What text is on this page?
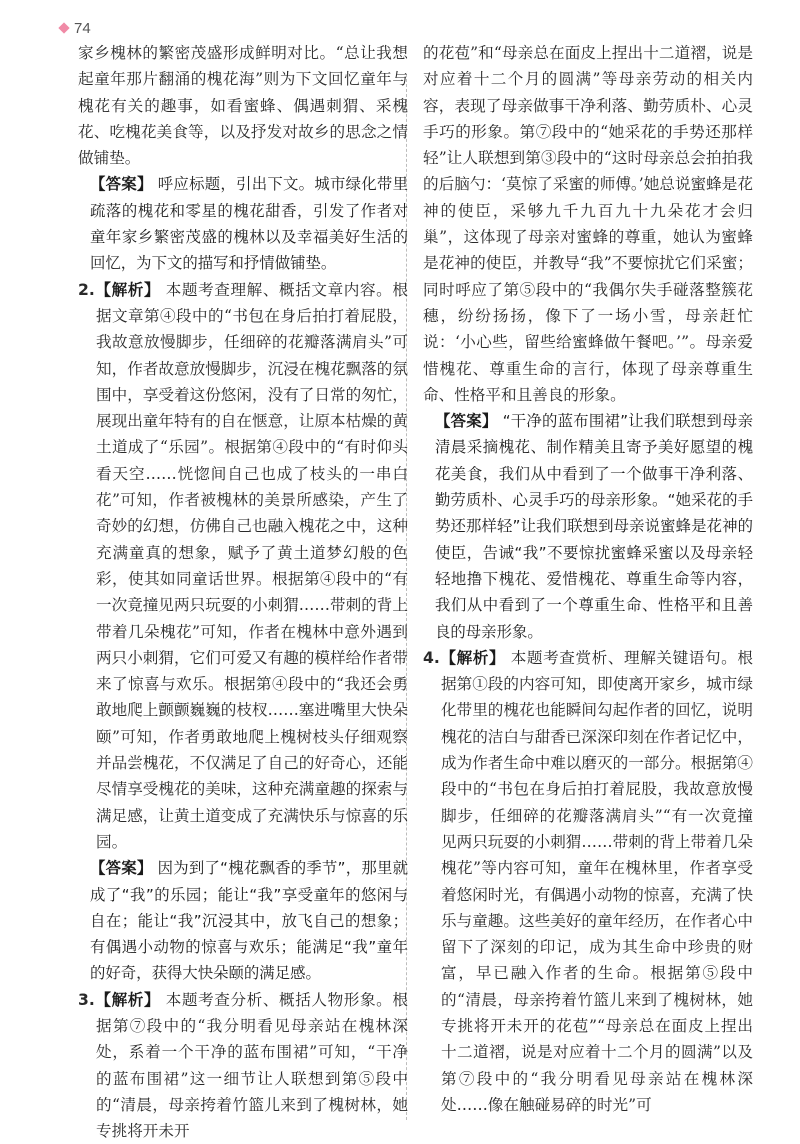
74

家乡槐林的繁密茂盛形成鲜明对比。“总让我想起童年那片翻涌的槐花海”则为下文回忆童年与槐花有关的趣事，如看蜜蜂、偶遇刺猬、采槐花、吃槐花美食等，以及抒发对故乡的思念之情做铺垫。

【答案】 呼应标题，引出下文。城市绿化带里疏落的槐花和零星的槐花甜香，引发了作者对童年家乡繁密茂盛的槐林以及幸福美好生活的回忆，为下文的描写和抒情做铺垫。

2.【解析】 本题考查理解、概括文章内容。根据文章第④段中的“书包在身后拍打着屁股，我故意放慢脚步，任细碎的花瓣落满肩头”可知，作者故意放慢脚步，沉浸在槐花飘落的氛围中，享受着这份悠闲，没有了日常的匆忙，展现出童年特有的自在惬意，让原本枯燥的黄土道成了“乐园”。根据第④段中的“有时仰头看天空……恍惚间自己也成了枝头的一串白花”可知，作者被槐林的美景所感染，产生了奇妙的幻想，仿佛自己也融入槐花之中，这种充满童真的想象，赋予了黄土道梦幻般的色彩，使其如同童话世界。根据第④段中的“有一次竟撞见两只玩耍的小刺猬……带刺的背上带着几朵槐花”可知，作者在槐林中意外遇到两只小刺猬，它们可爱又有趣的模样给作者带来了惊喜与欢乐。根据第④段中的“我还会勇敢地爬上颤颤巍巍的枝杈……塞进嘴里大快朵颐”可知，作者勇敢地爬上槐树枝头仔细观察并品尝槐花，不仅满足了自己的好奇心，还能尽情享受槐花的美味，这种充满童趣的探索与满足感，让黄土道变成了充满快乐与惊喜的乐园。

【答案】 因为到了“槐花飘香的季节”，那里就成了“我”的乐园；能让“我”享受童年的悠闲与自在；能让“我”沉浸其中，放飞自己的想象；有偶遇小动物的惊喜与欢乐；能满足“我”童年的好奇，获得大快朵颐的满足感。

3.【解析】 本题考查分析、概括人物形象。根据第⑦段中的“我分明看见母亲站在槐林深处，系着一个干净的蓝布围裙”可知，“干净的蓝布围裙”这一细节让人联想到第⑤段中的“清晨，母亲挎着竹篮儿来到了槐树林，她专挑将开未开

的花苞”和“母亲总在面皮上捏出十二道褶，说是对应着十二个月的圆满”等母亲劳动的相关内容，表现了母亲做事干净利落、勤劳质朴、心灵手巧的形象。第⑦段中的“她采花的手势还那样轻”让人联想到第③段中的“这时母亲总会拍拍我的后脑勺：‘莫惊了采蜜的师傅。’她总说蜜蜂是花神的使臣，采够九千九百九十九朵花才会归巢”，这体现了母亲对蜜蜂的尊重，她认为蜜蜂是花神的使臣，并教导“我”不要惊扰它们采蜜；同时呼应了第⑤段中的“我偶尔失手碰落整簇花穗，纷纷扬扬，像下了一场小雪，母亲赶忙说：‘小心些，留些给蜜蜂做午餐吧。’”。母亲爱惜槐花、尊重生命的言行，体现了母亲尊重生命、性格平和且善良的形象。

【答案】 “干净的蓝布围裙”让我们联想到母亲清晨采摘槐花、制作精美且寄予美好愿望的槐花美食，我们从中看到了一个做事干净利落、勤劳质朴、心灵手巧的母亲形象。“她采花的手势还那样轻”让我们联想到母亲说蜜蜂是花神的使臣，告诫“我”不要惊扰蜜蜂采蜜以及母亲轻轻地撸下槐花、爱惜槐花、尊重生命等内容，我们从中看到了一个尊重生命、性格平和且善良的母亲形象。

4.【解析】 本题考查赏析、理解关键语句。根据第①段的内容可知，即使离开家乡，城市绿化带里的槐花也能瞬间勾起作者的回忆，说明槐花的洁白与甜香已深深印刻在作者记忆中，成为作者生命中难以磨灭的一部分。根据第④段中的“书包在身后拍打着屁股，我故意放慢脚步，任细碎的花瓣落满肩头”“有一次竟撞见两只玩耍的小刺猬……带刺的背上带着几朵槐花”等内容可知，童年在槐林里，作者享受着悠闲时光，有偶遇小动物的惊喜，充满了快乐与童趣。这些美好的童年经历，在作者心中留下了深刻的印记，成为其生命中珍贵的财富，早已融入作者的生命。根据第⑤段中的“清晨，母亲挎着竹篮儿来到了槐树林，她专挑将开未开的花苞”“母亲总在面皮上捏出十二道褶，说是对应着十二个月的圆满”以及第⑦段中的“我分明看见母亲站在槐林深处……像在触碰易碎的时光”可
